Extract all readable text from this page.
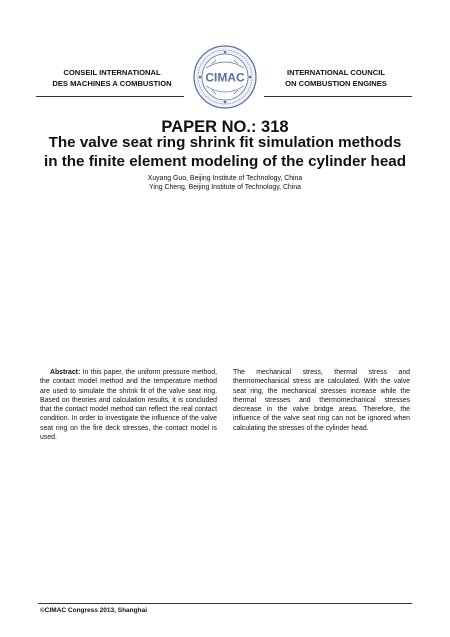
CONSEIL INTERNATIONAL
DES MACHINES A COMBUSTION	CIMAC	INTERNATIONAL COUNCIL
ON COMBUSTION ENGINES
PAPER NO.: 318
The valve seat ring shrink fit simulation methods
in the finite element modeling of the cylinder head
Xuyang Guo, Beijing Institute of Technology, China
Ying Cheng, Beijing Institute of Technology, China
Abstract: In this paper, the uniform pressure method, the contact model method and the temperature method are used to simulate the shrink fit of the valve seat ring. Based on theories and calculation results, it is concluded that the contact model method can reflect the real contact condition. In order to investigate the influence of the valve seat ring on the fire deck stresses, the contact model is used.
The mechanical stress, thermal stress and thermomechanical stress are calculated. With the valve seat ring, the mechanical stresses increase while the thermal stresses and thermomechanical stresses decrease in the valve bridge areas. Therefore, the influence of the valve seat ring can not be ignored when calculating the stresses of the cylinder head.
©CIMAC Congress 2013, Shanghai
